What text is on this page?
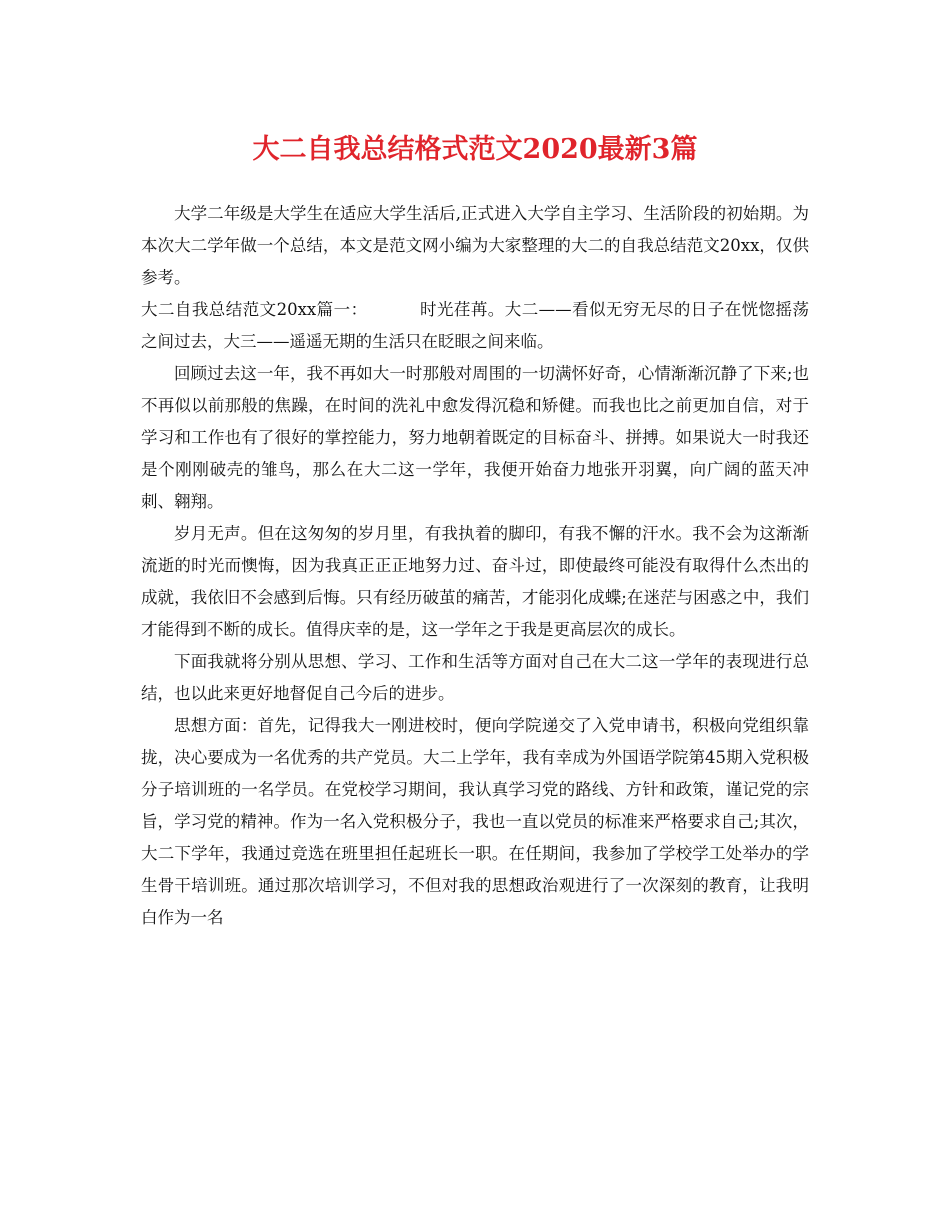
大二自我总结格式范文2020最新3篇

大学二年级是大学生在适应大学生活后,正式进入大学自主学习、生活阶段的初始期。为本次大二学年做一个总结，本文是范文网小编为大家整理的大二的自我总结范文20xx，仅供参考。

大二自我总结范文20xx篇一：	时光荏苒。大二——看似无穷无尽的日子在恍惚摇荡之间过去，大三——遥遥无期的生活只在眨眼之间来临。

回顾过去这一年，我不再如大一时那般对周围的一切满怀好奇，心情渐渐沉静了下来;也不再似以前那般的焦躁，在时间的洗礼中愈发得沉稳和矫健。而我也比之前更加自信，对于学习和工作也有了很好的掌控能力，努力地朝着既定的目标奋斗、拼搏。如果说大一时我还是个刚刚破壳的雏鸟，那么在大二这一学年，我便开始奋力地张开羽翼，向广阔的蓝天冲刺、翱翔。

岁月无声。但在这匆匆的岁月里，有我执着的脚印，有我不懈的汗水。我不会为这渐渐流逝的时光而懊悔，因为我真正正正地努力过、奋斗过，即使最终可能没有取得什么杰出的成就，我依旧不会感到后悔。只有经历破茧的痛苦，才能羽化成蝶;在迷茫与困惑之中，我们才能得到不断的成长。值得庆幸的是，这一学年之于我是更高层次的成长。

下面我就将分别从思想、学习、工作和生活等方面对自己在大二这一学年的表现进行总结，也以此来更好地督促自己今后的进步。

思想方面：首先，记得我大一刚进校时，便向学院递交了入党申请书，积极向党组织靠拢，决心要成为一名优秀的共产党员。大二上学年，我有幸成为外国语学院第45期入党积极分子培训班的一名学员。在党校学习期间，我认真学习党的路线、方针和政策，谨记党的宗旨，学习党的精神。作为一名入党积极分子，我也一直以党员的标准来严格要求自己;其次，大二下学年，我通过竞选在班里担任起班长一职。在任期间，我参加了学校学工处举办的学生骨干培训班。通过那次培训学习，不但对我的思想政治观进行了一次深刻的教育，让我明白作为一名
